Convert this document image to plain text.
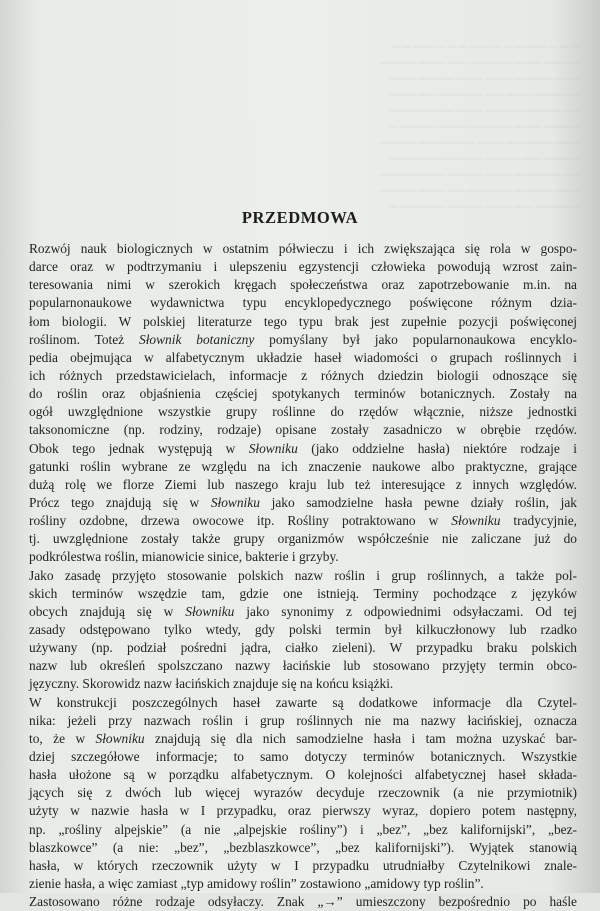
— — — — — — — — — — — — — — — — —
———— ——— ————— —— ——— ————
——— ———— ——— ——— ———— ———
————— ——— —— ————— —— ———
—— ———— ———— ——— ————— ——
———— ——— ————— ——— ———— —
——— ————— ——— ———— —— ————
———— —— ———— ————— ——— ——
—— ————— ——— ———— ———— ———
——— ———— ————— —— ——— ————
————— —— ——— ———— ————— —
PRZEDMOWA
Rozwój nauk biologicznych w ostatnim półwieczu i ich zwiększająca się rola w gospo-
darce oraz w podtrzymaniu i ulepszeniu egzystencji człowieka powodują wzrost zain-
teresowania nimi w szerokich kręgach społeczeństwa oraz zapotrzebowanie m.in. na
popularnonaukowe wydawnictwa typu encyklopedycznego poświęcone różnym dzia-
łom biologii. W polskiej literaturze tego typu brak jest zupełnie pozycji poświęconej
roślinom. Toteż Słownik botaniczny pomyślany był jako popularnonaukowa encyklo-
pedia obejmująca w alfabetycznym układzie haseł wiadomości o grupach roślinnych i
ich różnych przedstawicielach, informacje z różnych dziedzin biologii odnoszące się
do roślin oraz objaśnienia częściej spotykanych terminów botanicznych. Zostały na
ogół uwzględnione wszystkie grupy roślinne do rzędów włącznie, niższe jednostki
taksonomiczne (np. rodziny, rodzaje) opisane zostały zasadniczo w obrębie rzędów.
Obok tego jednak występują w Słowniku (jako oddzielne hasła) niektóre rodzaje i
gatunki roślin wybrane ze względu na ich znaczenie naukowe albo praktyczne, grające
dużą rolę we florze Ziemi lub naszego kraju lub też interesujące z innych względów.
Prócz tego znajdują się w Słowniku jako samodzielne hasła pewne działy roślin, jak
rośliny ozdobne, drzewa owocowe itp. Rośliny potraktowano w Słowniku tradycyjnie,
tj. uwzględnione zostały także grupy organizmów współcześnie nie zaliczane już do
podkrólestwa roślin, mianowicie sinice, bakterie i grzyby.
Jako zasadę przyjęto stosowanie polskich nazw roślin i grup roślinnych, a także pol-
skich terminów wszędzie tam, gdzie one istnieją. Terminy pochodzące z języków
obcych znajdują się w Słowniku jako synonimy z odpowiednimi odsyłaczami. Od tej
zasady odstępowano tylko wtedy, gdy polski termin był kilkuczłonowy lub rzadko
używany (np. podział pośredni jądra, ciałko zieleni). W przypadku braku polskich
nazw lub określeń spolszczano nazwy łacińskie lub stosowano przyjęty termin obco-
języczny. Skorowidz nazw łacińskich znajduje się na końcu książki.
W konstrukcji poszczególnych haseł zawarte są dodatkowe informacje dla Czytel-
nika: jeżeli przy nazwach roślin i grup roślinnych nie ma nazwy łacińskiej, oznacza
to, że w Słowniku znajdują się dla nich samodzielne hasła i tam można uzyskać bar-
dziej szczegółowe informacje; to samo dotyczy terminów botanicznych. Wszystkie
hasła ułożone są w porządku alfabetycznym. O kolejności alfabetycznej haseł składa-
jących się z dwóch lub więcej wyrazów decyduje rzeczownik (a nie przymiotnik)
użyty w nazwie hasła w I przypadku, oraz pierwszy wyraz, dopiero potem następny,
np. „rośliny alpejskie” (a nie „alpejskie rośliny”) i „bez”, „bez kalifornijski”, „bez-
blaszkowce” (a nie: „bez”, „bezblaszkowce”, „bez kalifornijski”). Wyjątek stanowią
hasła, w których rzeczownik użyty w I przypadku utrudniałby Czytelnikowi znale-
zienie hasła, a więc zamiast „typ amidowy roślin” zostawiono „amidowy typ roślin”.
Zastosowano różne rodzaje odsyłaczy. Znak „→” umieszczony bezpośrednio po haśle
